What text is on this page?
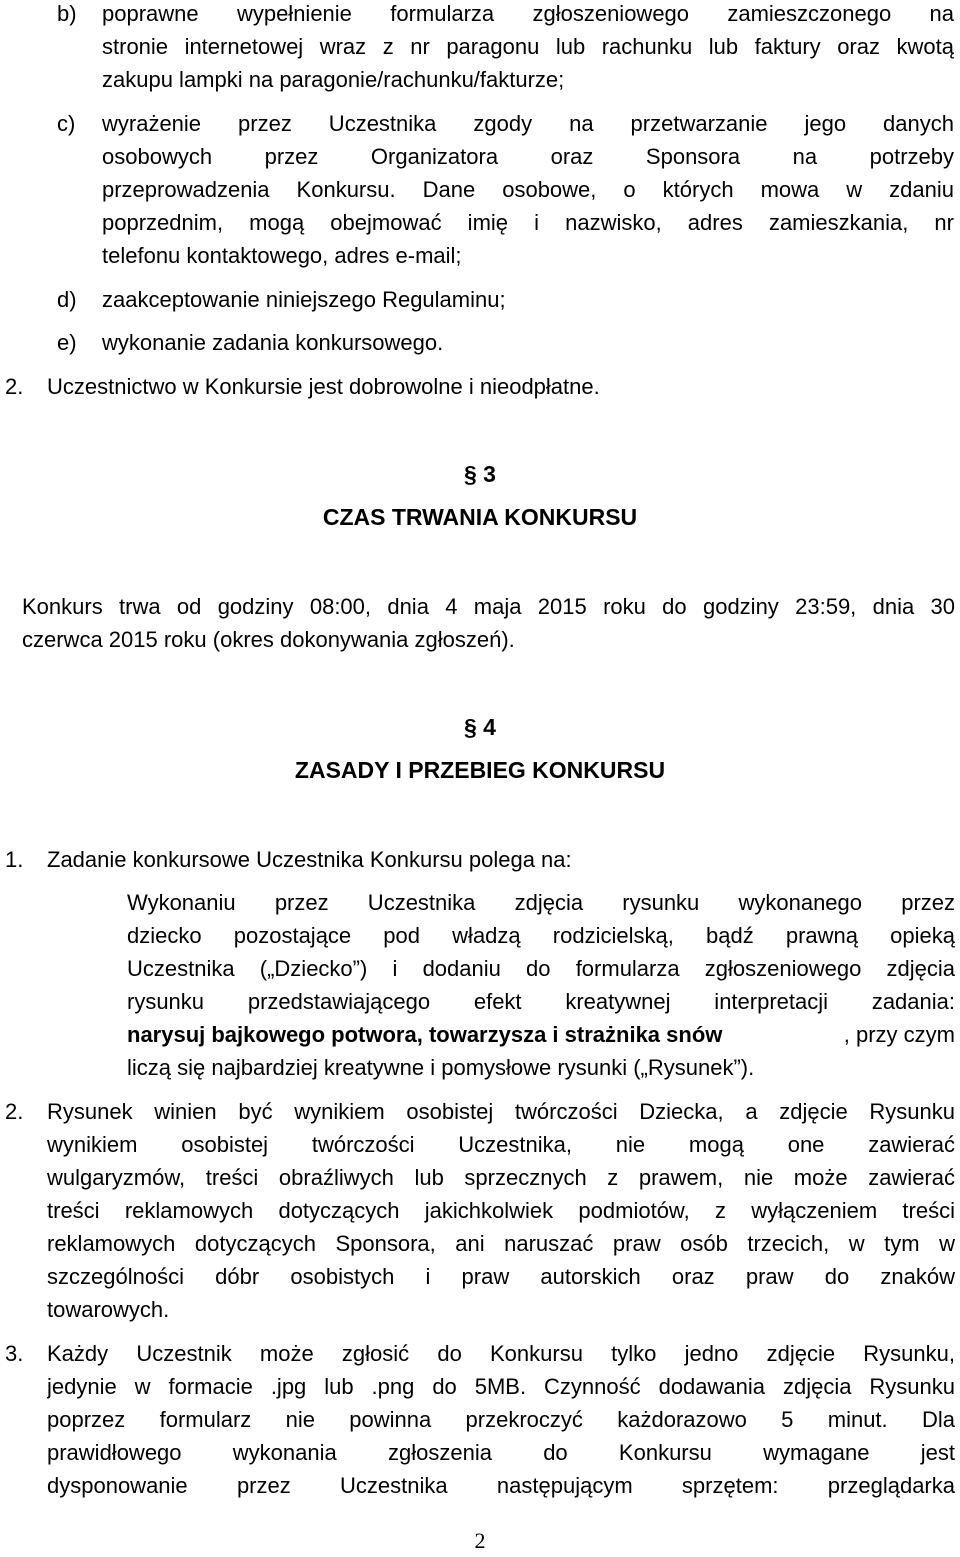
b) poprawne wypełnienie formularza zgłoszeniowego zamieszczonego na
stronie internetowej wraz z nr paragonu lub rachunku lub faktury oraz kwotą
zakupu lampki na paragonie/rachunku/fakturze;
c) wyrażenie przez Uczestnika zgody na przetwarzanie jego danych
osobowych przez Organizatora oraz Sponsora na potrzeby
przeprowadzenia Konkursu. Dane osobowe, o których mowa w zdaniu
poprzednim, mogą obejmować imię i nazwisko, adres zamieszkania, nr
telefonu kontaktowego, adres e-mail;
d) zaakceptowanie niniejszego Regulaminu;
e) wykonanie zadania konkursowego.
2. Uczestnictwo w Konkursie jest dobrowolne i nieodpłatne.
§ 3
CZAS TRWANIA KONKURSU
Konkurs trwa od godziny 08:00, dnia 4 maja 2015 roku do godziny 23:59, dnia 30
czerwca 2015 roku (okres dokonywania zgłoszeń).
§ 4
ZASADY I PRZEBIEG KONKURSU
1. Zadanie konkursowe Uczestnika Konkursu polega na:
Wykonaniu przez Uczestnika zdjęcia rysunku wykonanego przez
dziecko pozostające pod władzą rodzicielską, bądź prawną opieką
Uczestnika („Dziecko”) i dodaniu do formularza zgłoszeniowego zdjęcia
rysunku przedstawiającego efekt kreatywnej interpretacji zadania:
narysuj bajkowego potwora, towarzysza i strażnika snów	, przy czym
liczą się najbardziej kreatywne i pomysłowe rysunki („Rysunek”).
2. Rysunek winien być wynikiem osobistej twórczości Dziecka, a zdjęcie Rysunku
wynikiem osobistej twórczości Uczestnika, nie mogą one zawierać
wulgaryzmów, treści obraźliwych lub sprzecznych z prawem, nie może zawierać
treści reklamowych dotyczących jakichkolwiek podmiotów, z wyłączeniem treści
reklamowych dotyczących Sponsora, ani naruszać praw osób trzecich, w tym w
szczególności dóbr osobistych i praw autorskich oraz praw do znaków
towarowych.
3. Każdy Uczestnik może zgłosić do Konkursu tylko jedno zdjęcie Rysunku,
jedynie w formacie .jpg lub .png do 5MB. Czynność dodawania zdjęcia Rysunku
poprzez formularz nie powinna przekroczyć każdorazowo 5 minut. Dla
prawidłowego wykonania zgłoszenia do Konkursu wymagane jest
dysponowanie przez Uczestnika następującym sprzętem: przeglądarka
2
